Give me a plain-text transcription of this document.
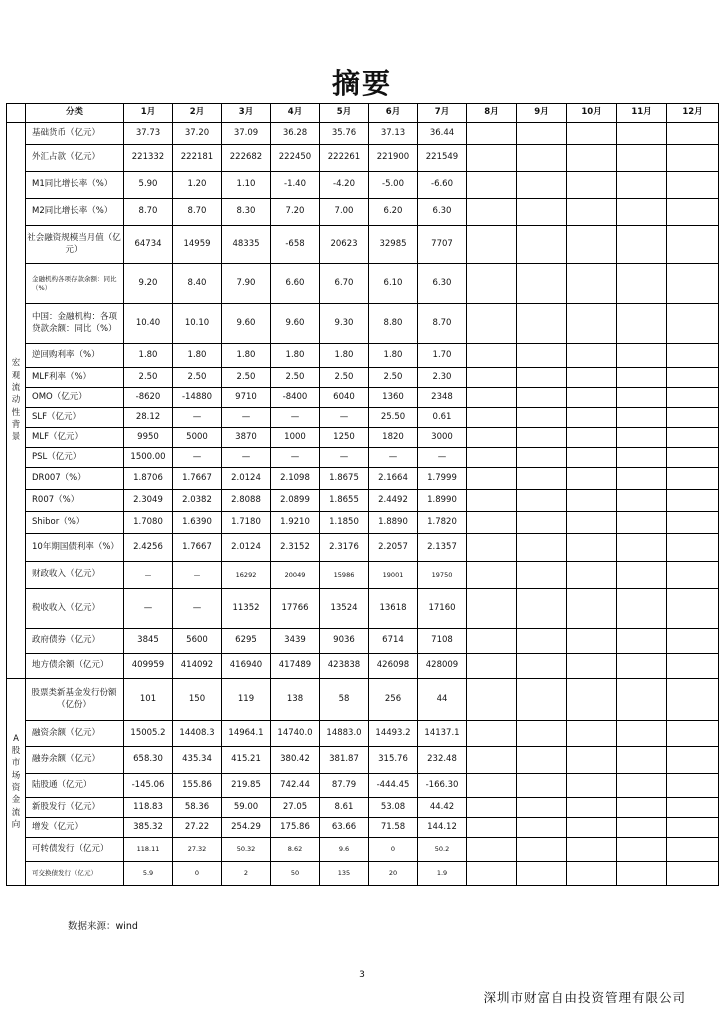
摘要
	分类	1月	2月	3月	4月	5月	6月	7月	8月	9月	10月	11月	12月
宏观流动性背景	基础货币（亿元）	37.73	37.20	37.09	36.28	35.76	37.13	36.44					
	外汇占款（亿元）	221332	222181	222682	222450	222261	221900	221549					
	M1同比增长率（%）	5.90	1.20	1.10	-1.40	-4.20	-5.00	-6.60					
	M2同比增长率（%）	8.70	8.70	8.30	7.20	7.00	6.20	6.30					
	社会融资规模当月值（亿元）	64734	14959	48335	-658	20623	32985	7707					
	金融机构各项存款余额：同比（%）	9.20	8.40	7.90	6.60	6.70	6.10	6.30					
	中国：金融机构：各项贷款余额：同比（%）	10.40	10.10	9.60	9.60	9.30	8.80	8.70					
	逆回购利率（%）	1.80	1.80	1.80	1.80	1.80	1.80	1.70					
	MLF利率（%）	2.50	2.50	2.50	2.50	2.50	2.50	2.30					
	OMO（亿元）	-8620	-14880	9710	-8400	6040	1360	2348					
	SLF（亿元）	28.12	—	—	—	—	25.50	0.61					
	MLF（亿元）	9950	5000	3870	1000	1250	1820	3000					
	PSL（亿元）	1500.00	—	—	—	—	—	—					
	DR007（%）	1.8706	1.7667	2.0124	2.1098	1.8675	2.1664	1.7999					
	R007（%）	2.3049	2.0382	2.8088	2.0899	1.8655	2.4492	1.8990					
	Shibor（%）	1.7080	1.6390	1.7180	1.9210	1.1850	1.8890	1.7820					
	10年期国债利率（%）	2.4256	1.7667	2.0124	2.3152	2.3176	2.2057	2.1357					
	财政收入（亿元）	—	—	16292	20049	15986	19001	19750					
	税收收入（亿元）	—	—	11352	17766	13524	13618	17160					
	政府债券（亿元）	3845	5600	6295	3439	9036	6714	7108					
	地方债余额（亿元）	409959	414092	416940	417489	423838	426098	428009					
A股市场资金流向	股票类新基金发行份额（亿份）	101	150	119	138	58	256	44					
	融资余额（亿元）	15005.2	14408.3	14964.1	14740.0	14883.0	14493.2	14137.1					
	融券余额（亿元）	658.30	435.34	415.21	380.42	381.87	315.76	232.48					
	陆股通（亿元）	-145.06	155.86	219.85	742.44	87.79	-444.45	-166.30					
	新股发行（亿元）	118.83	58.36	59.00	27.05	8.61	53.08	44.42					
	增发（亿元）	385.32	27.22	254.29	175.86	63.66	71.58	144.12					
	可转债发行（亿元）	118.11	27.32	50.32	8.62	9.6	0	50.2					
	可交换债发行（亿元）	5.9	0	2	50	135	20	1.9					
数据来源：wind
3
深圳市财富自由投资管理有限公司
